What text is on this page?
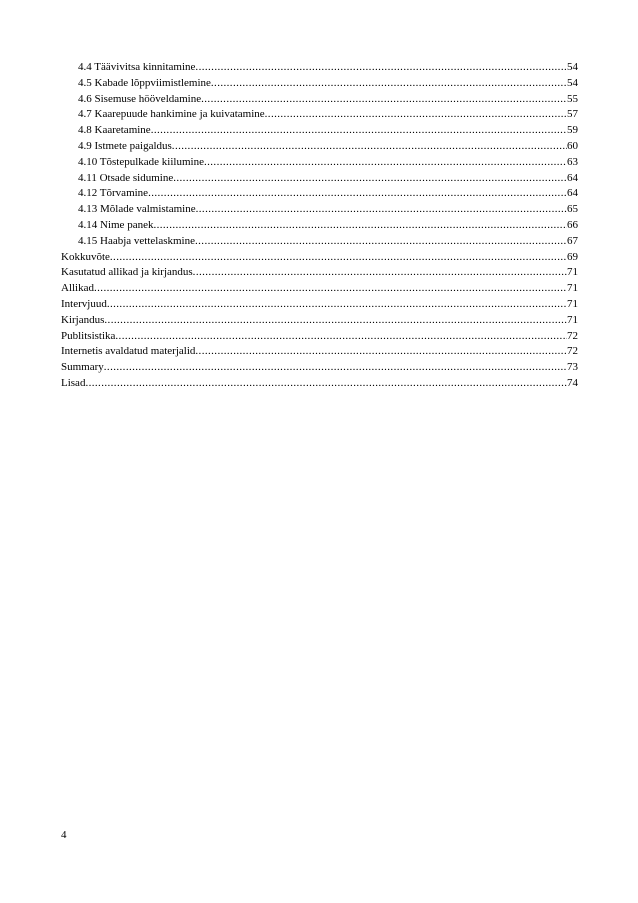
4.4 Täävivitsa kinnitamine .....	54
4.5 Kabade lõppviimistlemine .....	54
4.6 Sisemuse hööveldamine .....	55
4.7 Kaarepuude hankimine ja kuivatamine .....	57
4.8 Kaaretamine .....	59
4.9 Istmete paigaldus .....	60
4.10 Tõstepulkade kiilumine .....	63
4.11 Otsade sidumine .....	64
4.12 Tõrvamine .....	64
4.13 Mõlade valmistamine .....	65
4.14 Nime panek .....	66
4.15 Haabja vettelaskmine .....	67
Kokkuvõte .....	69
Kasutatud allikad ja kirjandus .....	71
Allikad .....	71
Intervjuud .....	71
Kirjandus .....	71
Publitsistika .....	72
Internetis avaldatud materjalid .....	72
Summary .....	73
Lisad .....	74
4
